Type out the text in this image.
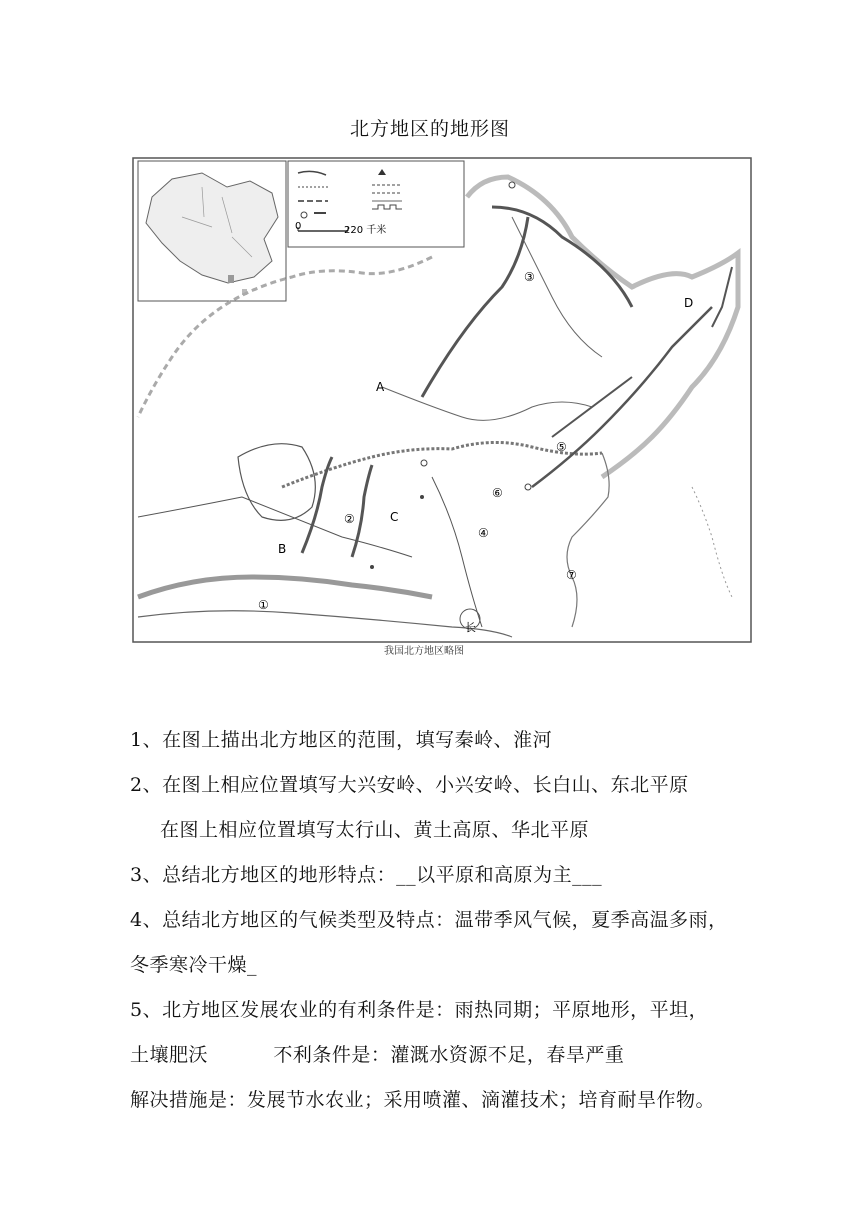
北方地区的地形图
0	220 千米
A
B
C
D
①
②
③
④
⑤
⑥
⑦
长
我国北方地区略图
1、在图上描出北方地区的范围，填写秦岭、淮河
2、在图上相应位置填写大兴安岭、小兴安岭、长白山、东北平原
在图上相应位置填写太行山、黄土高原、华北平原
3、总结北方地区的地形特点：__以平原和高原为主___
4、总结北方地区的气候类型及特点：温带季风气候，夏季高温多雨，
冬季寒冷干燥_
5、北方地区发展农业的有利条件是：雨热同期；平原地形，平坦，
土壤肥沃          不利条件是：灌溉水资源不足，春旱严重
解决措施是：发展节水农业；采用喷灌、滴灌技术；培育耐旱作物。
